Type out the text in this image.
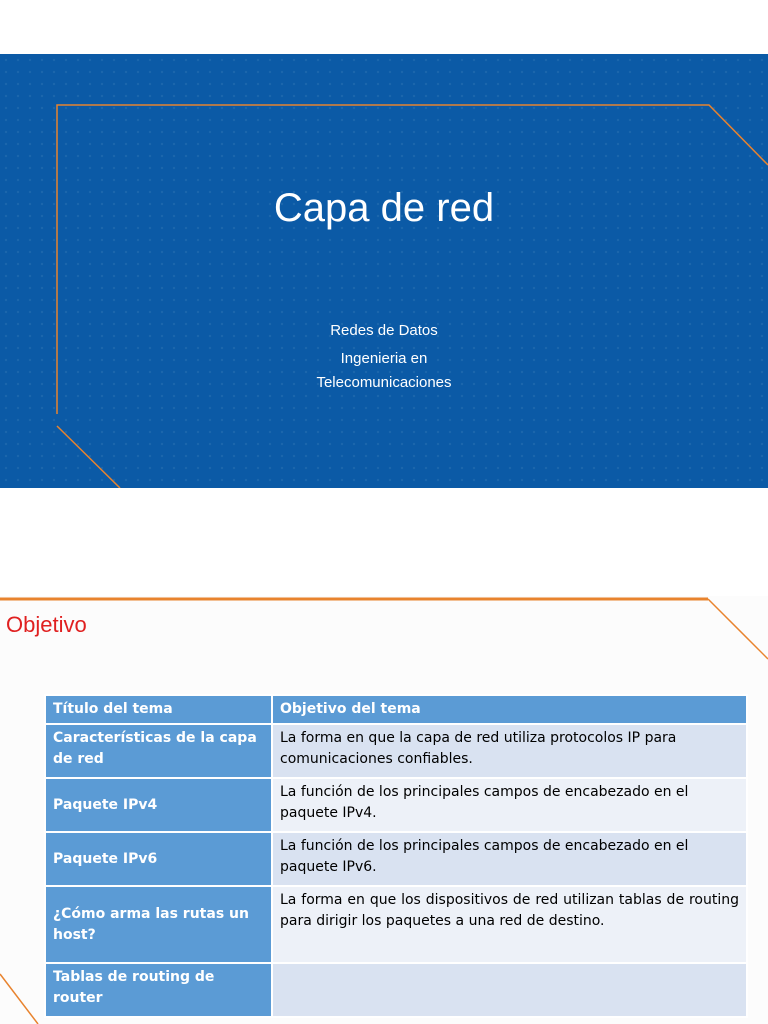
Capa de red
Redes de Datos
Ingenieria en
Telecomunicaciones
Objetivo
Título del tema	Objetivo del tema
Características de la capa de red	La forma en que la capa de red utiliza protocolos IP para comunicaciones confiables.
Paquete IPv4	La función de los principales campos de encabezado en el paquete IPv4.
Paquete IPv6	La función de los principales campos de encabezado en el paquete IPv6.
¿Cómo arma las rutas un host?	La forma en que los dispositivos de red utilizan tablas de routing para dirigir los paquetes a una red de destino.
Tablas de routing de router	
